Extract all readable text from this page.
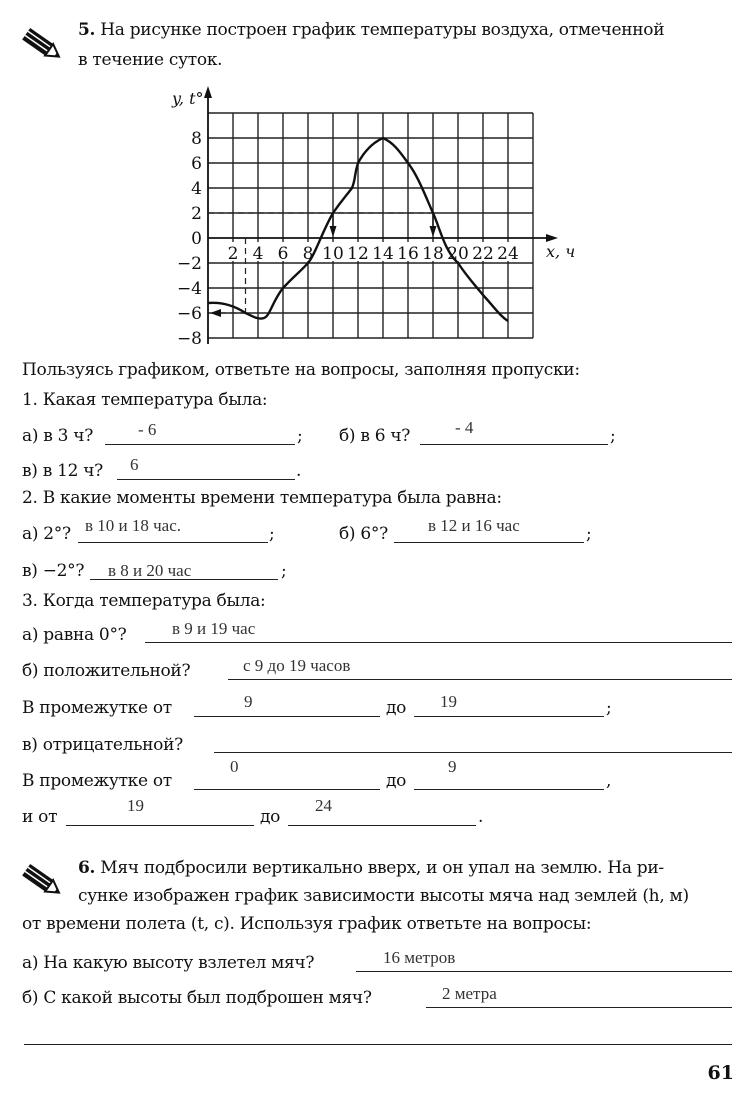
5. На рисунке построен график температуры воздуха, отмеченной
в течение суток.
8
6
4
2
0
−2
−4
−6
−8
2 4 6 8 10 12 14 16 18 20 22 24
y, t°
x, ч
Пользуясь графиком, ответьте на вопросы, заполняя пропуски:
1. Какая температура была:
а) в 3 ч?	- 6	; б) в 6 ч?	- 4	;
в) в 12 ч? 6	.
2. В какие моменты времени температура была равна:
а) 2°? в 10 и 18 час.	;	б) 6°? в 12 и 16 час	;
в) −2°? в 8 и 20 час	;
3. Когда температура была:
а) равна 0°?	в 9 и 19 час
б) положительной?	с 9 до 19 часов
В промежутке от	9	до 19	;
в) отрицательной?
В промежутке от
0
до
9
,
и от
19
до
24
.
6. Мяч подбросили вертикально вверх, и он упал на землю. На ри-
сунке изображен график зависимости высоты мяча над землей (h, м)
от времени полета (t, с). Используя график ответьте на вопросы:
а) На какую высоту взлетел мяч?	16 метров
б) С какой высоты был подброшен мяч?	2 метра
61
